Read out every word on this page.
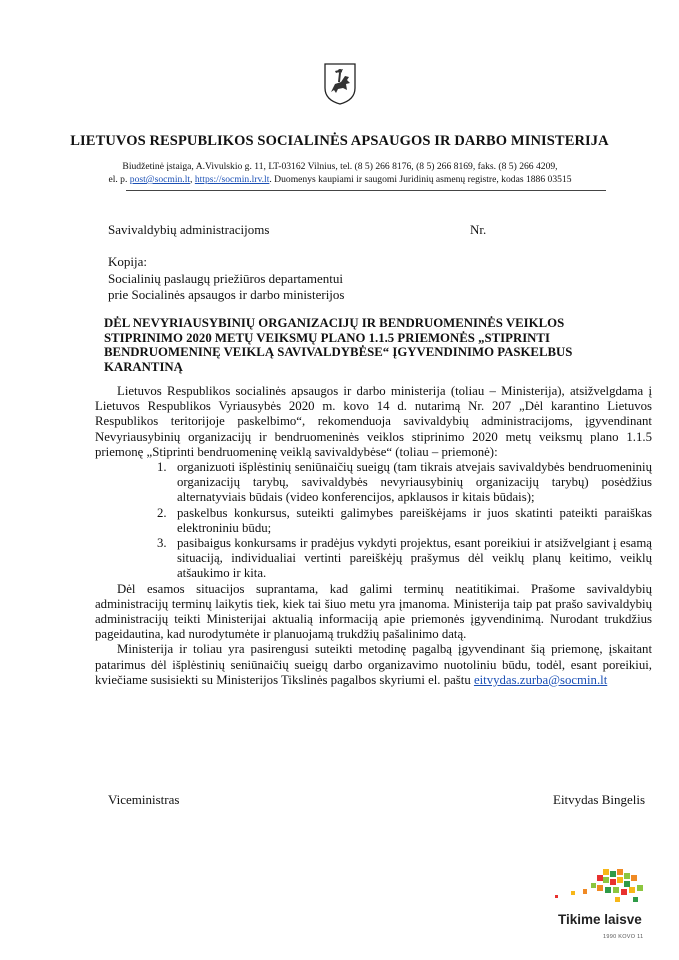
LIETUVOS RESPUBLIKOS SOCIALINĖS APSAUGOS IR DARBO MINISTERIJA
Biudžetinė įstaiga, A.Vivulskio g. 11, LT-03162 Vilnius, tel. (8 5) 266 8176, (8 5) 266 8169, faks. (8 5) 266 4209,
el. p. post@socmin.lt, https://socmin.lrv.lt. Duomenys kaupiami ir saugomi Juridinių asmenų registre, kodas 1886 03515
Savivaldybių administracijoms	Nr.
Kopija:
Socialinių paslaugų priežiūros departamentui
prie Socialinės apsaugos ir darbo ministerijos
DĖL NEVYRIAUSYBINIŲ ORGANIZACIJŲ IR BENDRUOMENINĖS VEIKLOS STIPRINIMO 2020 METŲ VEIKSMŲ PLANO 1.1.5 PRIEMONĖS „STIPRINTI BENDRUOMENINĘ VEIKLĄ SAVIVALDYBĖSE“ ĮGYVENDINIMO PASKELBUS KARANTINĄ

Lietuvos Respublikos socialinės apsaugos ir darbo ministerija (toliau – Ministerija), atsižvelgdama į Lietuvos Respublikos Vyriausybės 2020 m. kovo 14 d. nutarimą Nr. 207 „Dėl karantino Lietuvos Respublikos teritorijoje paskelbimo“, rekomenduoja savivaldybių administracijoms, įgyvendinant Nevyriausybinių organizacijų ir bendruomeninės veiklos stiprinimo 2020 metų veiksmų plano 1.1.5 priemonę „Stiprinti bendruomeninę veiklą savivaldybėse“ (toliau – priemonė):

1. organizuoti išplėstinių seniūnaičių sueigų (tam tikrais atvejais savivaldybės bendruomeninių organizacijų tarybų, savivaldybės nevyriausybinių organizacijų tarybų) posėdžius alternatyviais būdais (video konferencijos, apklausos ir kitais būdais);
2. paskelbus konkursus, suteikti galimybes pareiškėjams ir juos skatinti pateikti paraiškas elektroniniu būdu;
3. pasibaigus konkursams ir pradėjus vykdyti projektus, esant poreikiui ir atsižvelgiant į esamą situaciją, individualiai vertinti pareiškėjų prašymus dėl veiklų planų keitimo, veiklų atšaukimo ir kita.

Dėl esamos situacijos suprantama, kad galimi terminų neatitikimai. Prašome savivaldybių administracijų terminų laikytis tiek, kiek tai šiuo metu yra įmanoma. Ministerija taip pat prašo savivaldybių administracijų teikti Ministerijai aktualią informaciją apie priemonės įgyvendinimą. Nurodant trukdžius pageidautina, kad nurodytumėte ir planuojamą trukdžių pašalinimo datą.

Ministerija ir toliau yra pasirengusi suteikti metodinę pagalbą įgyvendinant šią priemonę, įskaitant patarimus dėl išplėstinių seniūnaičių sueigų darbo organizavimo nuotoliniu būdu, todėl, esant poreikiui, kviečiame susisiekti su Ministerijos Tikslinės pagalbos skyriumi el. paštu eitvydas.zurba@socmin.lt

Viceministras	Eitvydas Bingelis
Tikime laisve
1990 KOVO 11
